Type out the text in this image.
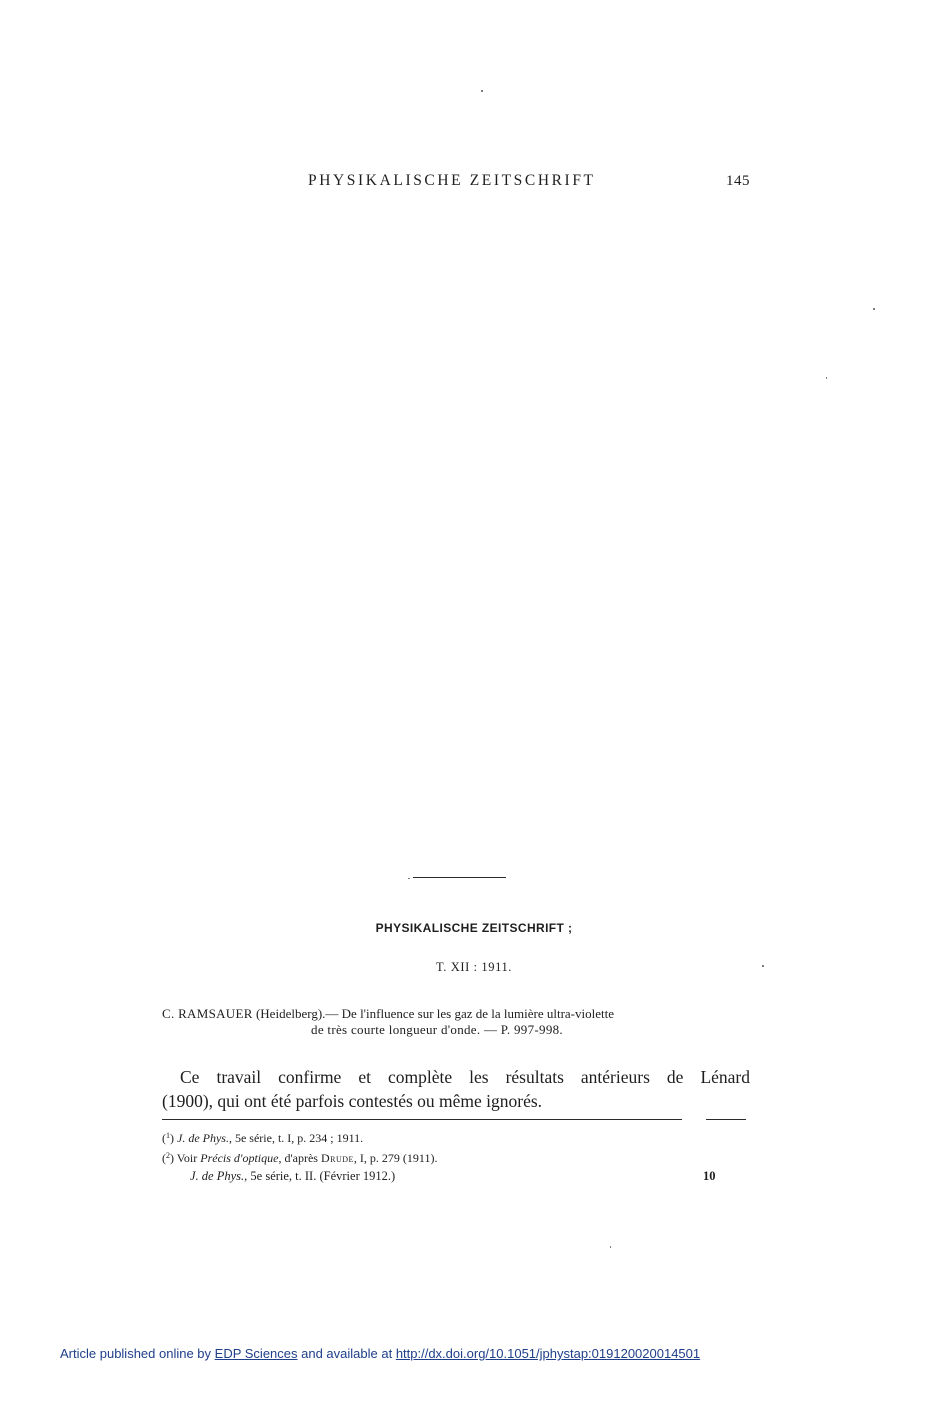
PHYSIKALISCHE ZEITSCHRIFT	145
PHYSIKALISCHE ZEITSCHRIFT ;
T. XII : 1911.
C. RAMSAUER (Heidelberg).— De l'influence sur les gaz de la lumière ultra-violette
de très courte longueur d'onde. — P. 997-998.
Ce travail confirme et complète les résultats antérieurs de Lénard
(1900), qui ont été parfois contestés ou même ignorés.
($^1$) J. de Phys., 5e série, t. I, p. 234 ; 1911.
($^2$) Voir Précis d'optique, d'après Drude, I, p. 279 (1911).
J. de Phys., 5e série, t. II. (Février 1912.)	10
Article published online by EDP Sciences and available at http://dx.doi.org/10.1051/jphystap:019120020014501
